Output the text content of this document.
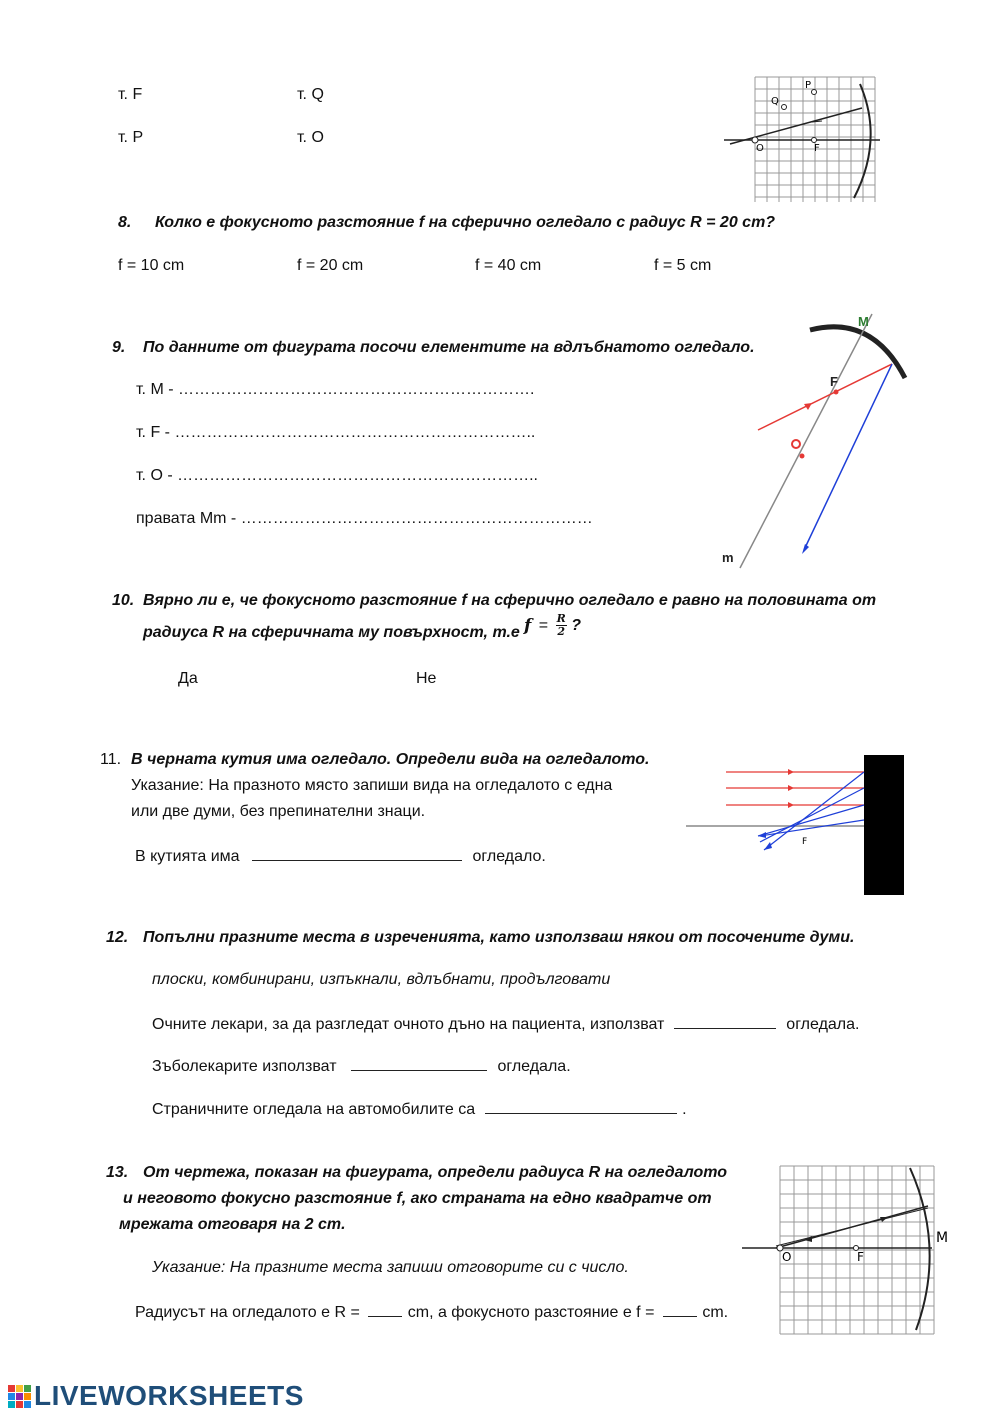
т. F	т. Q
т. P	т. O
P
Q
O	F
8. Колко е фокусното разстояние f на сферично огледало с радиус R = 20 cm?
f = 10 cm	f = 20 cm	f = 40 cm	f = 5 cm
9. По данните от фигурата посочи елементите на вдлъбнатото огледало.
т. M - ………………………………………………………….
т. F - …………………………………………………………..
т. O - …………………………………………………………..
правата Mm - …………………………………………………………
M
F
m
10. Вярно ли е, че фокусното разстояние f на сферично огледало е равно на половината от
радиуса R на сферичната му повърхност, т.е $f = \frac{R}{2}$ ?
Да	Не
11. В черната кутия има огледало. Определи вида на огледалото.
Указание: На празното място запиши вида на огледалото с една
или две думи, без препинателни знаци.
В кутията има	огледало.
F
12. Попълни празните места в изреченията, като използваш някои от посочените думи.
плоски, комбинирани, изпъкнали, вдлъбнати, продълговати
Очните лекари, за да разгледат очното дъно на пациента, използват	огледала.
Зъболекарите използват	огледала.
Страничните огледала на автомобилите са	.
13. От чертежа, показан на фигурата, определи радиуса R на огледалото
и неговото фокусно разстояние f, ако страната на едно квадратче от
мрежата отговаря на 2 cm.
Указание: На празните места запиши отговорите си с число.
Радиусът на огледалото е R =	cm, а фокусното разстояние е f =	cm.
O	F
M
LIVEWORKSHEETS
